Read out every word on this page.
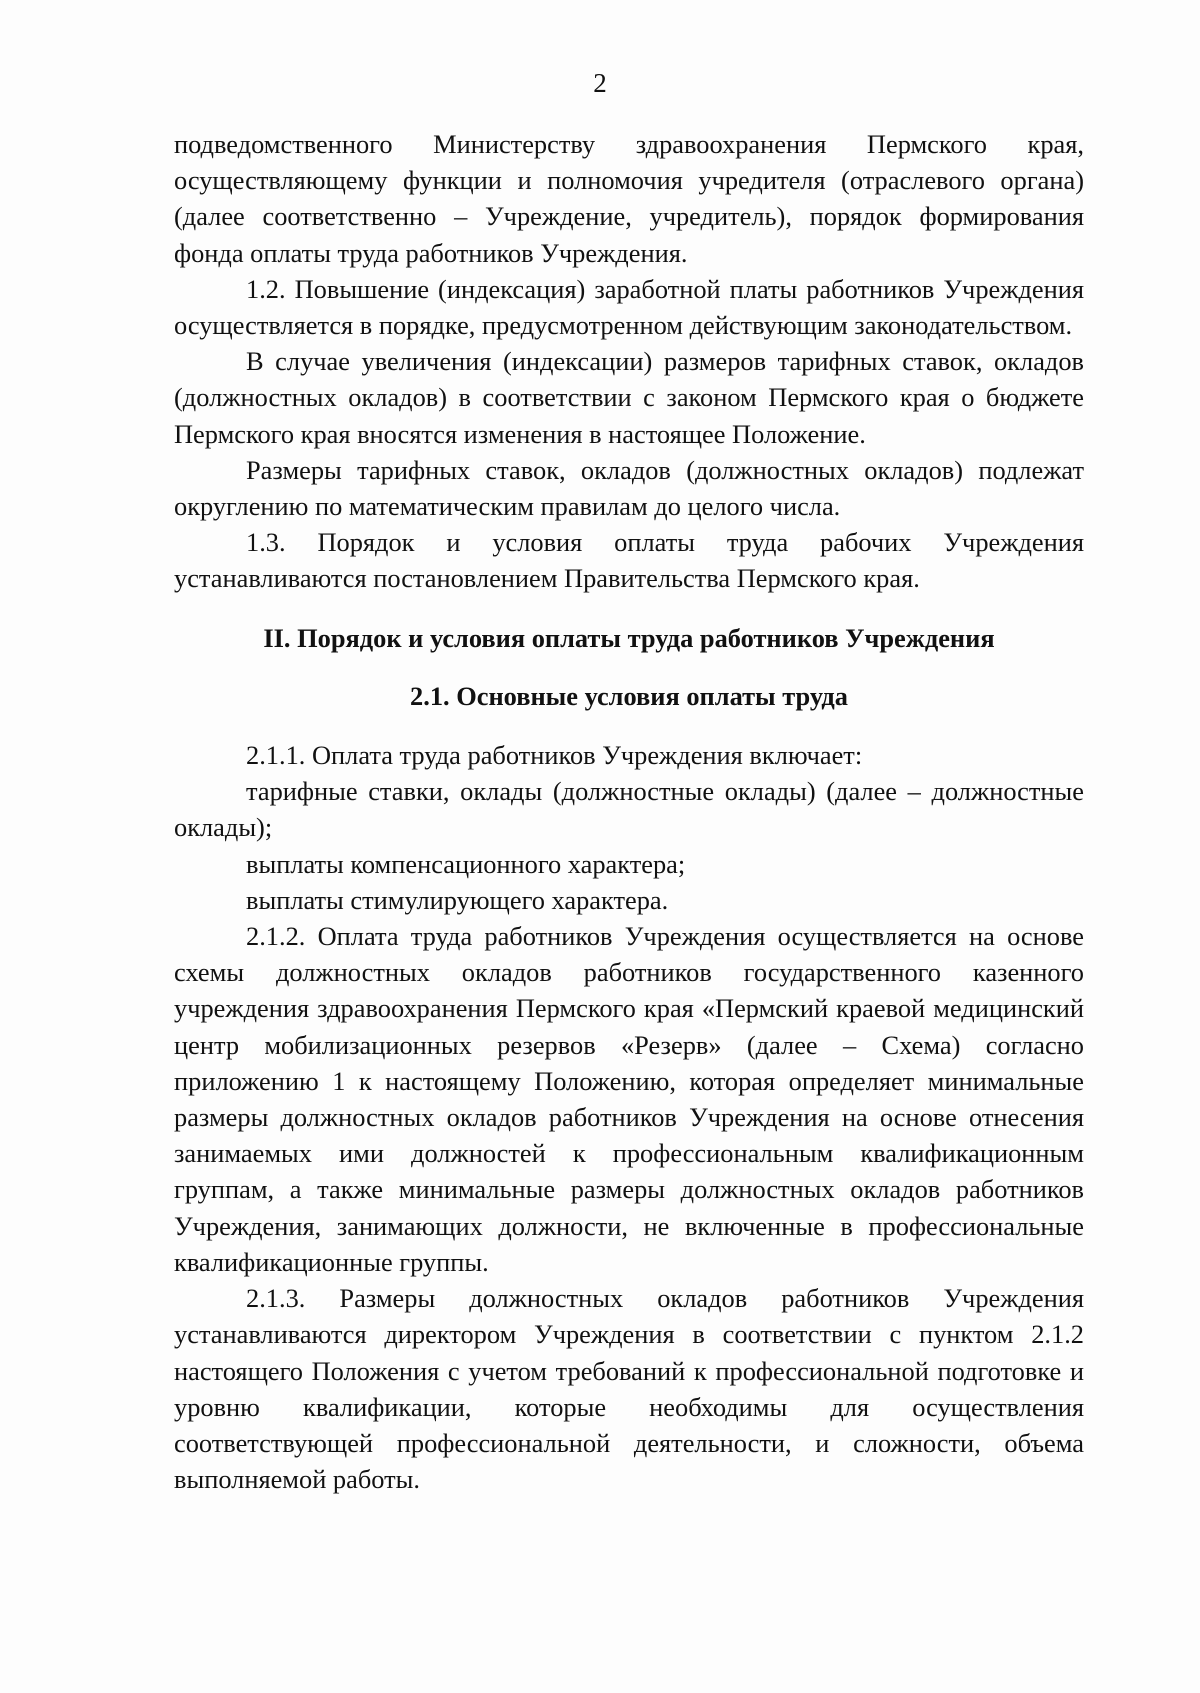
2

подведомственного Министерству здравоохранения Пермского края, осуществляющему функции и полномочия учредителя (отраслевого органа) (далее соответственно – Учреждение, учредитель), порядок формирования фонда оплаты труда работников Учреждения.

1.2. Повышение (индексация) заработной платы работников Учреждения осуществляется в порядке, предусмотренном действующим законодательством.

В случае увеличения (индексации) размеров тарифных ставок, окладов (должностных окладов) в соответствии с законом Пермского края о бюджете Пермского края вносятся изменения в настоящее Положение.

Размеры тарифных ставок, окладов (должностных окладов) подлежат округлению по математическим правилам до целого числа.

1.3. Порядок и условия оплаты труда рабочих Учреждения устанавливаются постановлением Правительства Пермского края.

II. Порядок и условия оплаты труда работников Учреждения

2.1. Основные условия оплаты труда

2.1.1. Оплата труда работников Учреждения включает:

тарифные ставки, оклады (должностные оклады) (далее – должностные оклады);

выплаты компенсационного характера;

выплаты стимулирующего характера.

2.1.2. Оплата труда работников Учреждения осуществляется на основе схемы должностных окладов работников государственного казенного учреждения здравоохранения Пермского края «Пермский краевой медицинский центр мобилизационных резервов «Резерв» (далее – Схема) согласно приложению 1 к настоящему Положению, которая определяет минимальные размеры должностных окладов работников Учреждения на основе отнесения занимаемых ими должностей к профессиональным квалификационным группам, а также минимальные размеры должностных окладов работников Учреждения, занимающих должности, не включенные в профессиональные квалификационные группы.

2.1.3. Размеры должностных окладов работников Учреждения устанавливаются директором Учреждения в соответствии с пунктом 2.1.2 настоящего Положения с учетом требований к профессиональной подготовке и уровню квалификации, которые необходимы для осуществления соответствующей профессиональной деятельности, и сложности, объема выполняемой работы.
